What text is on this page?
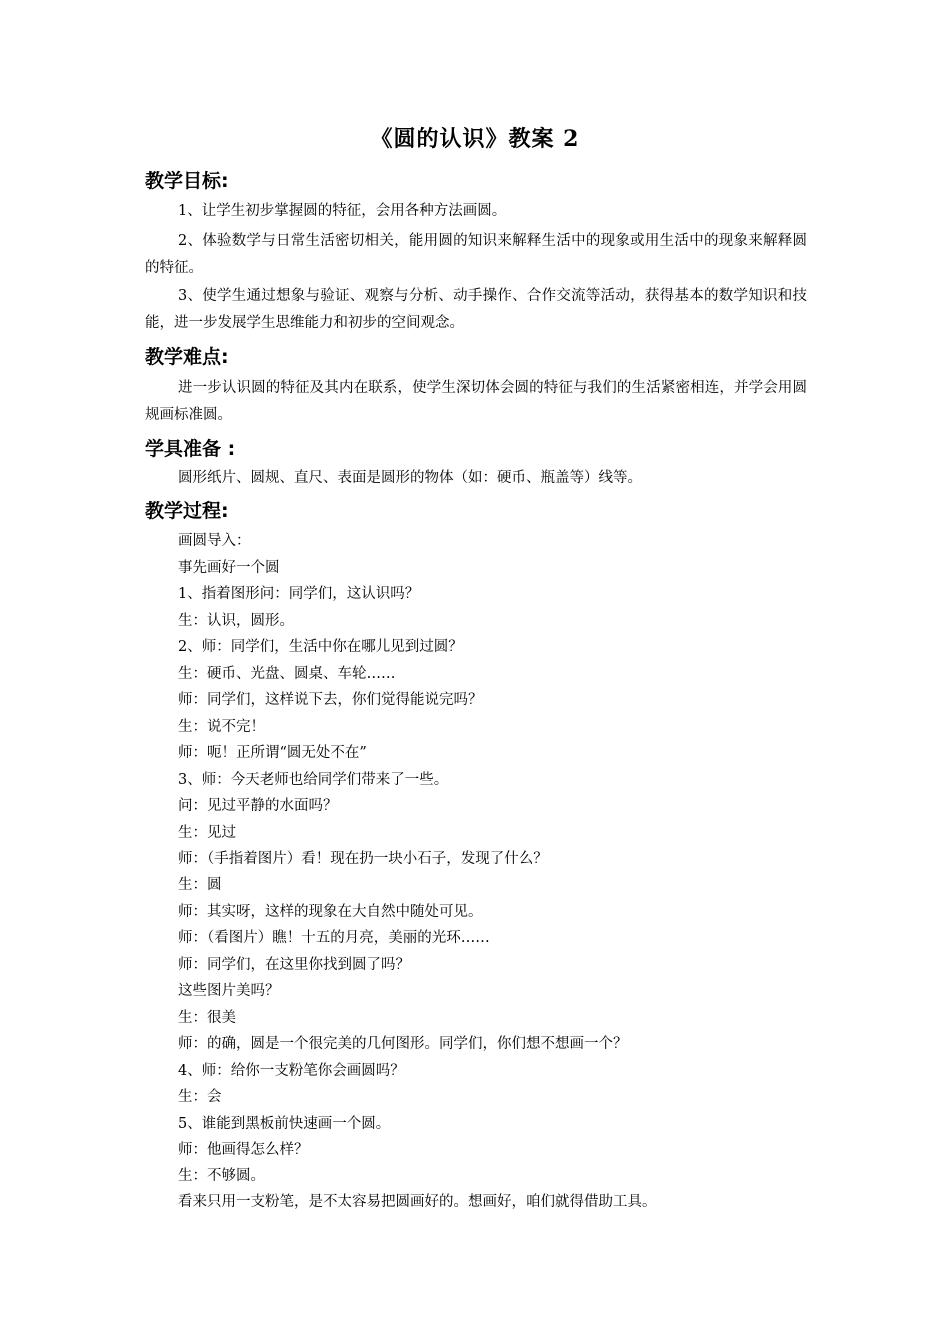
《圆的认识》教案 2
教学目标:
1、让学生初步掌握圆的特征，会用各种方法画圆。
2、体验数学与日常生活密切相关，能用圆的知识来解释生活中的现象或用生活中的现象来解释圆的特征。
3、使学生通过想象与验证、观察与分析、动手操作、合作交流等活动，获得基本的数学知识和技能，进一步发展学生思维能力和初步的空间观念。
教学难点:
进一步认识圆的特征及其内在联系，使学生深切体会圆的特征与我们的生活紧密相连，并学会用圆规画标准圆。
学具准备 :
圆形纸片、圆规、直尺、表面是圆形的物体（如：硬币、瓶盖等）线等。
教学过程:
画圆导入：
事先画好一个圆
1、指着图形问：同学们，这认识吗？
生：认识，圆形。
2、师：同学们，生活中你在哪儿见到过圆？
生：硬币、光盘、圆桌、车轮……
师：同学们，这样说下去，你们觉得能说完吗？
生：说不完！
师：呃！正所谓“圆无处不在”
3、师：今天老师也给同学们带来了一些。
问：见过平静的水面吗？
生：见过
师：（手指着图片）看！现在扔一块小石子，发现了什么？
生：圆
师：其实呀，这样的现象在大自然中随处可见。
师：（看图片）瞧！十五的月亮，美丽的光环……
师：同学们，在这里你找到圆了吗？
这些图片美吗？
生：很美
师：的确，圆是一个很完美的几何图形。同学们，你们想不想画一个？
4、师：给你一支粉笔你会画圆吗？
生：会
5、谁能到黑板前快速画一个圆。
师：他画得怎么样？
生：不够圆。
看来只用一支粉笔，是不太容易把圆画好的。想画好，咱们就得借助工具。
